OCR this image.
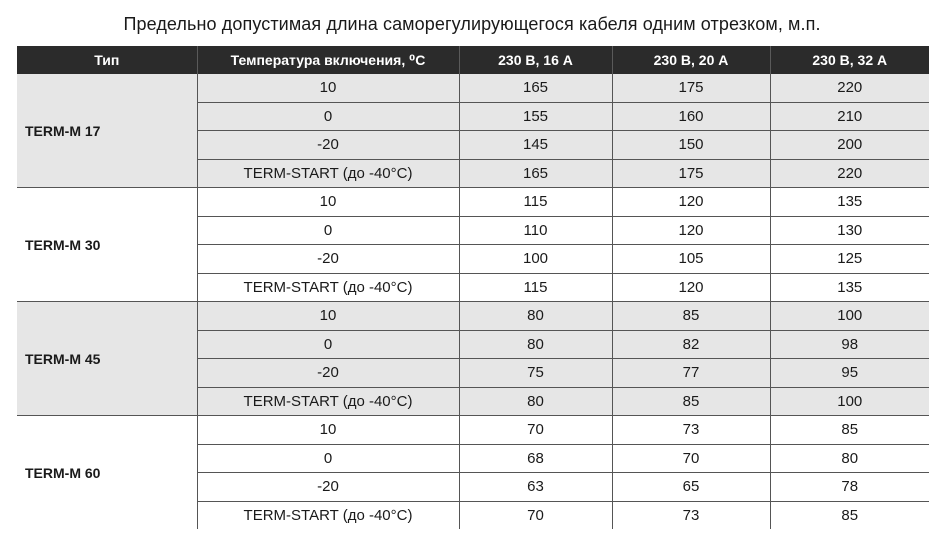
Предельно допустимая длина саморегулирующегося кабеля одним отрезком, м.п.
Тип	Температура включения, ⁰С	230 В, 16 А	230 В, 20 А	230 В, 32 А
TERM-M 17	10	165	175	220
	0	155	160	210
	-20	145	150	200
	TERM-START (до -40°С)	165	175	220
TERM-M 30	10	115	120	135
	0	110	120	130
	-20	100	105	125
	TERM-START (до -40°С)	115	120	135
TERM-M 45	10	80	85	100
	0	80	82	98
	-20	75	77	95
	TERM-START (до -40°С)	80	85	100
TERM-M 60	10	70	73	85
	0	68	70	80
	-20	63	65	78
	TERM-START (до -40°С)	70	73	85
